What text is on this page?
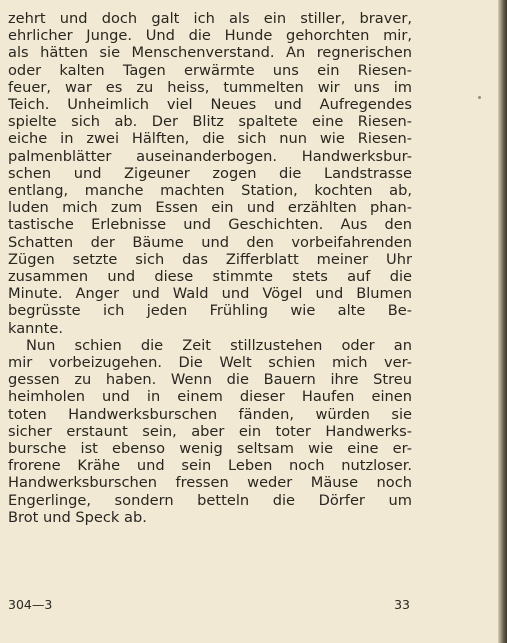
zehrt und doch galt ich als ein stiller, braver,
ehrlicher Junge. Und die Hunde gehorchten mir,
als hätten sie Menschenverstand. An regnerischen
oder kalten Tagen erwärmte uns ein Riesen-
feuer, war es zu heiss, tummelten wir uns im
Teich. Unheimlich viel Neues und Aufregendes
spielte sich ab. Der Blitz spaltete eine Riesen-
eiche in zwei Hälften, die sich nun wie Riesen-
palmenblätter auseinanderbogen. Handwerksbur-
schen und Zigeuner zogen die Landstrasse
entlang, manche machten Station, kochten ab,
luden mich zum Essen ein und erzählten phan-
tastische Erlebnisse und Geschichten. Aus den
Schatten der Bäume und den vorbeifahrenden
Zügen setzte sich das Zifferblatt meiner Uhr
zusammen und diese stimmte stets auf die
Minute. Anger und Wald und Vögel und Blumen
begrüsste ich jeden Frühling wie alte Be-
kannte.

Nun schien die Zeit stillzustehen oder an
mir vorbeizugehen. Die Welt schien mich ver-
gessen zu haben. Wenn die Bauern ihre Streu
heimholen und in einem dieser Haufen einen
toten Handwerksburschen fänden, würden sie
sicher erstaunt sein, aber ein toter Handwerks-
bursche ist ebenso wenig seltsam wie eine er-
frorene Krähe und sein Leben noch nutzloser.
Handwerksburschen fressen weder Mäuse noch
Engerlinge, sondern betteln die Dörfer um
Brot und Speck ab.

304—3	33
